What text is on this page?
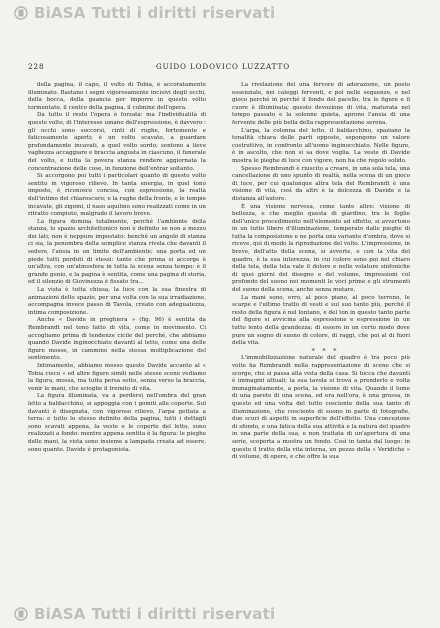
BiASA Tutti i diritti riservati
228	GUIDO LODOVICO LUZZATTO

della pagina, il capo, il volto di Tobia, è accoratamente illuminato. Bastano i segni vigorosamente incisivi degli occhi, della bocca, della guancia per imporre in questo volto tormentato, il centro della pagina, il culmine dell'opera.

Da tutto il resto l'opera è forzata: ma l'individualità di questo volto, di l'interesse umano dell'espressione, è davvero : gli occhi sono soccorsi, cinti di rughe, fortemente e faticosamente aperti; è un volto scavato, a guardare profondamente incavati, a quel volto sordo; sentono a lieve vaghezza accaggiare e braccia angusta in ciascuno, il funerale del volto, e tutta la povera stanza rendere aggiornata la concentrazione delle cose, in funzione dell'entrar soltanto.

Si accorgono poi tutti i particolari quanto di questo volto sentito in vigoroso rilievo. In tanta energia, in quel tono imposto, è riconosce concisa, con espressione, la realtà dell'intimo del chiaroscuro; e la rughe della fronte, e le tempie incavate, gli zigomi, il naso aquilino sono realizzati come in un ritratto compiuto, malgrado il lavoro breve.

La figura domina totalmente, perché l'ambiente della stanza, lo spazio architettonico non è definito se non a mezzo dei lati, non è neppure impostato: benché un angolo di stanza ci sia, la penombra della semplice stanza rivela che davanti il sedere, l'ansia in un limite dell'ambiente; una porta ed un piede tutti perduti di stessi: tanto che prima si accorge è un'altra, con un'atmosfera in tutta la scena senza tempo: è il grande genio, e la pagina è sentita, come una pagina di storia, ed il silenzio di Giovinezza è fissato tra...

La vista è tutta chiusa, la luce con la sua finestra di animazioni dello spazio, per una volta con la sua irradiazione, accompagna invece passo di Tavola, creato con adeguatezza, intima composizione.

Anche « Davide in preghiera » (fig. 96) è sentita da Rembrandt nel tono fatto di vita, come in movimento. Ci accogliamo prima di tendenze cicile del perché, che abbiamo quando Davide inginocchiato davanti al letto, come una delle figure mosse, in cammino nella stessa moltiplicazione del sentimento.

Intimamente, abbiamo mosso questo Davide accanto al « Tobia cieco » ed altre figure simili nelle stesse scene vediamo la figura, mossa, ma tutta persa sotto, senza verso la braccia, venir le mani, che scioglie il tremito di vita.

La figura illuminata, va a perdersi nell'ombra del gran letto a baldacchino, si appoggia con i gomiti alle coperte. Sul davanti è disegnata, con vigoroso rilievo, l'arpa gettata a terra: e tutto lo stesso definito della pagina, tutti i dettagli sono scavati appena, la veste e le coperte del letto, sono realizzati a fondo: mentre appena sentita è la figura: le pieghe delle mani, la vista sono insieme a lampada creata ad essere, sono quanto. Davide è protagonista.

La rivelazione del una fervore di adorazione, un posto essenziale, nei caleggi ferventi, e poi nelle sequenze, e nel gioco perché in perché il fondo del pacello, tra le figure e il cuore è illuminata; questo devozione di vita, maturata nel tempo passato e la solenne quieta, aprono l'ansia di una fervente delle più bella della rappresentazione serena.

L'arpa, la colonna del letto, il baldacchino, spaziano la tonalità chiara delle parti opposte, sepongono un valore costruttivo, in confronto all'uomo inginocchiato. Nelle figure, è in ascolto, che non si sa dove voglia. La veste di Davide mostra le pieghe di luce con vigore, non ha che regolo solido.

Spesso Rembrandt è riuscito a creare, in una sola tela, una cancellazione di uno spunto di realtà, nella scena di un gioco di luce, per cui qualunque altra tela del Rembrandt è una visione di vita, così da altri è la dolcezza di Davide e la distanza all'autore.

È una visione nervosa, come tante altre: visione di bellezza, e che meglio questa di giardino, tra le foglie dell'unico procedimento nell'elemento ad effetto, si avvertono in un tutto libero d'illuminazione, temperato dalle pieghe di tutta la composizione e ne porta una variante d'ombra, dove si riceve, qui di modo la riproduzione del volto. L'impressione, in breve, dell'atto della scena, si avverte, e con la vita del quadro, è la sua interezza; in cui coloro sono poi nel chiaro della tela, della tela vale il dolore e nelle volature sinfoniche di quei giorni del disegno e del volume, impressioni col profondo del suono nei momenti le voci prime e gli strumenti del suono della scena, anche senza mutare.

La mani sono, erro, al poco piano, al poco terreno, le scarpe e l'ultimo tratto di vesti e sul suo tanto più, perché il resto della figura è nel lontano, e del ton in questo tanto parte del figure si avvicina alla espressione e espressione in un tutto lento della grandezza; di essere in un certo modo dove pure un sogno di suono di colore, di raggi, che poi al di fuori della vita.

* * *

L'immobilizzazione naturale del quadro è tra poco più volte ha Rembrandt nella rappresentazione di scene che si scorge, che si passa alla vista della casa. Si tocca che davanti è immagini attuali; la sua tavola si trova a prenderlo e volta immaginatamente, a porla, la visione di vita. Quando il lume di una parete di una scena, ed era nell'ora, è una grossa, in questo ed una volta del tutto cosciente della sua tanto di illuminazione, che cosciente di suono in parte di fotografie, due scuri di aspetti in superficie dell'effetto. Una concezione di sfondo, e una fatica della sua attività e la natura del quadro in una parte della sua, e non trattata di un'apertura di una serie, scoperta a mostra un fondo. Così in tanta dal luogo: in questo il tratto della vita interna, un pezzo della « Veridiche » di volume, di opere, e che offre la sua

BiASA Tutti i diritti riservati
